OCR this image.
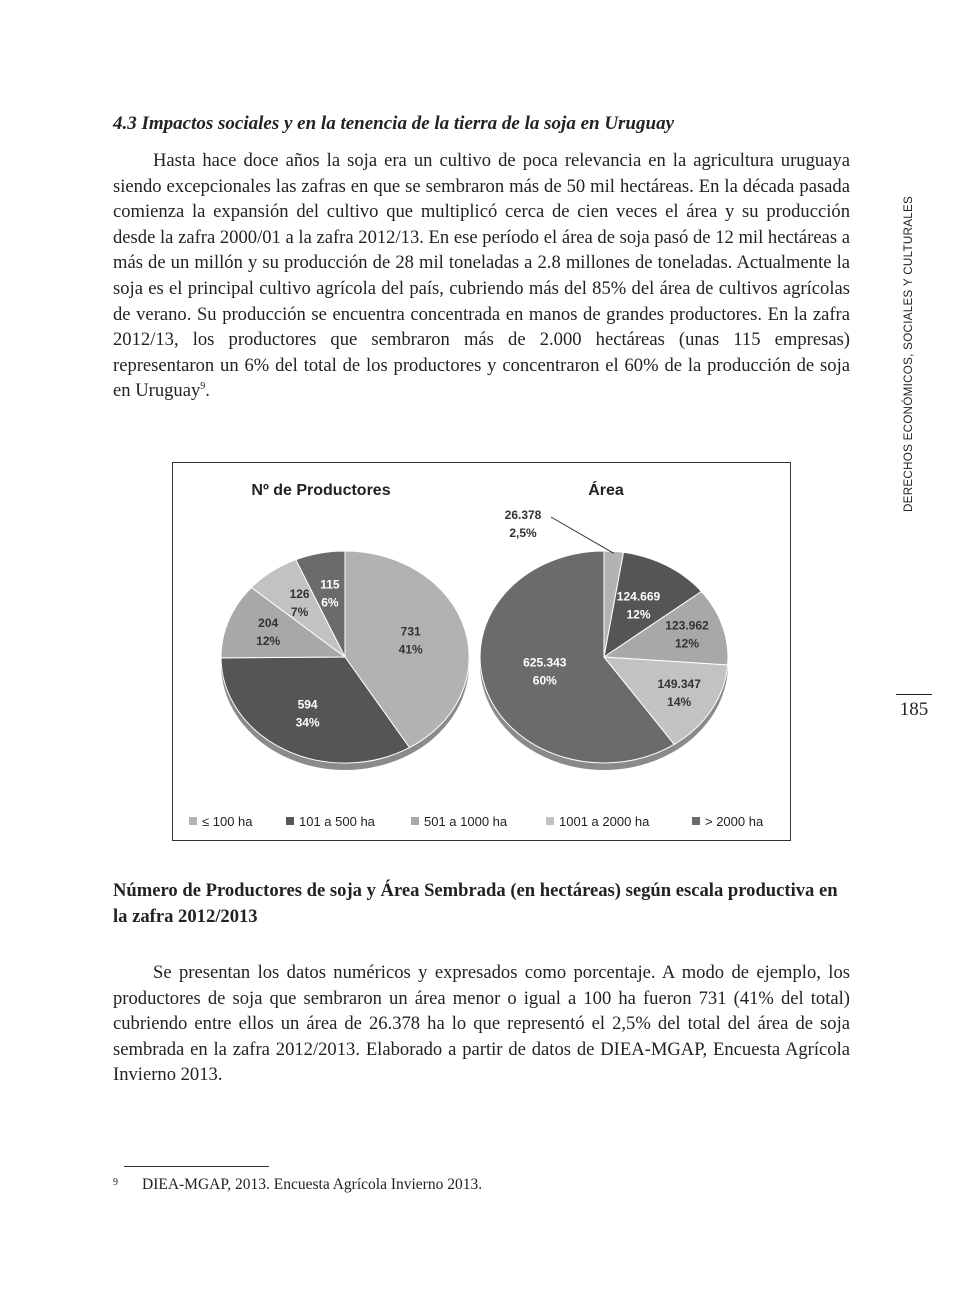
4.3 Impactos sociales y en la tenencia de la tierra de la soja en Uruguay

Hasta hace doce años la soja era un cultivo de poca relevancia en la agricultura uruguaya siendo excepcionales las zafras en que se sembraron más de 50 mil hectáreas. En la década pasada comienza la expansión del cultivo que multiplicó cerca de cien veces el área y su producción desde la zafra 2000/01 a la zafra 2012/13. En ese período el área de soja pasó de 12 mil hectáreas a más de un millón y su producción de 28 mil toneladas a 2.8 millones de toneladas. Actualmente la soja es el principal cultivo agrícola del país, cubriendo más del 85% del área de cultivos agrícolas de verano. Su producción se encuentra concentrada en manos de grandes productores. En la zafra 2012/13, los productores que sembraron más de 2.000 hectáreas (unas 115 empresas) representaron un 6% del total de los productores y concentraron el 60% de la producción de soja en Uruguay$^9$.

731
41%
594
34%
204
12%
126
7%
115
6%
Nº de Productores
26.378
2,5%
124.669
12%
123.962
12%
149.347
14%
625.343
60%
Área
≤ 100 ha	101 a 500 ha	501 a 1000 ha	1001 a 2000 ha	> 2000 ha

Número de Productores de soja y Área Sembrada (en hectáreas) según escala productiva en la zafra 2012/2013

Se presentan los datos numéricos y expresados como porcentaje. A modo de ejemplo, los productores de soja que sembraron un área menor o igual a 100 ha fueron 731 (41% del total) cubriendo entre ellos un área de 26.378 ha lo que representó el 2,5% del total del área de soja sembrada en la zafra 2012/2013. Elaborado a partir de datos de DIEA-MGAP, Encuesta Agrícola Invierno 2013.

DERECHOS ECONÓMICOS, SOCIALES Y CULTURALES
185
9 DIEA-MGAP, 2013. Encuesta Agrícola Invierno 2013.
